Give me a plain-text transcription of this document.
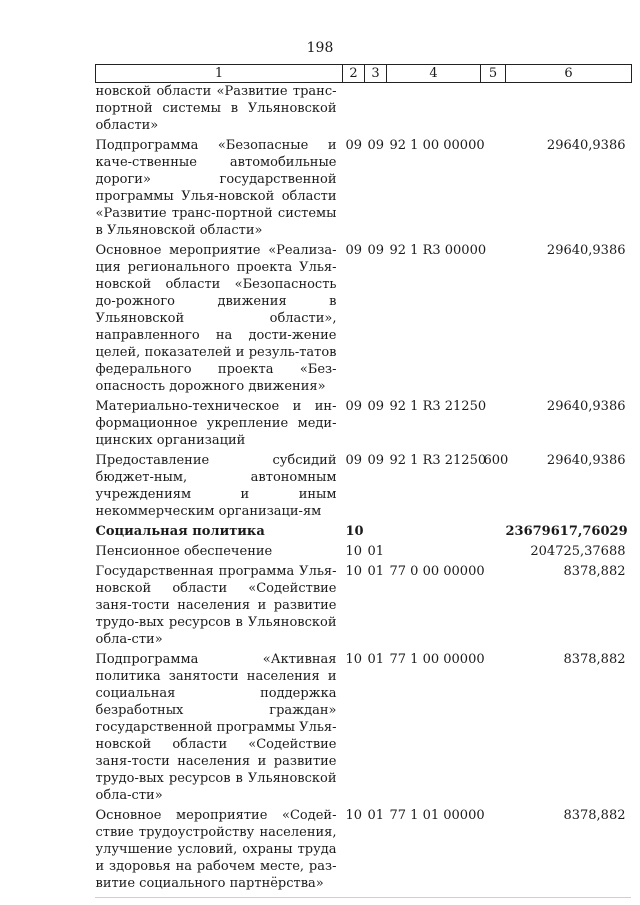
198
1	2	3	4	5	6
новской области «Развитие транс-портной системы в Ульяновской области»					
Подпрограмма «Безопасные и каче-ственные автомобильные дороги» государственной программы Улья-новской области «Развитие транс-портной системы в Ульяновской области»	09	09	92 1 00 00000		29640,9386
Основное мероприятие «Реализа-ция регионального проекта Улья-новской области «Безопасность до-рожного движения в Ульяновской области», направленного на дости-жение целей, показателей и резуль-татов федерального проекта «Без-опасность дорожного движения»	09	09	92 1 R3 00000		29640,9386
Материально-техническое и ин-формационное укрепление меди-цинских организаций	09	09	92 1 R3 21250		29640,9386
Предоставление субсидий бюджет-ным, автономным учреждениям и иным некоммерческим организаци-ям	09	09	92 1 R3 21250	600	29640,9386
Социальная политика	10				23679617,76029
Пенсионное обеспечение	10	01			204725,37688
Государственная программа Улья-новской области «Содействие заня-тости населения и развитие трудо-вых ресурсов в Ульяновской обла-сти»	10	01	77 0 00 00000		8378,882
Подпрограмма «Активная политика занятости населения и социальная поддержка безработных граждан» государственной программы Улья-новской области «Содействие заня-тости населения и развитие трудо-вых ресурсов в Ульяновской обла-сти»	10	01	77 1 00 00000		8378,882
Основное мероприятие «Содей-ствие трудоустройству населения, улучшение условий, охраны труда и здоровья на рабочем месте, раз-витие социального партнёрства»	10	01	77 1 01 00000		8378,882
